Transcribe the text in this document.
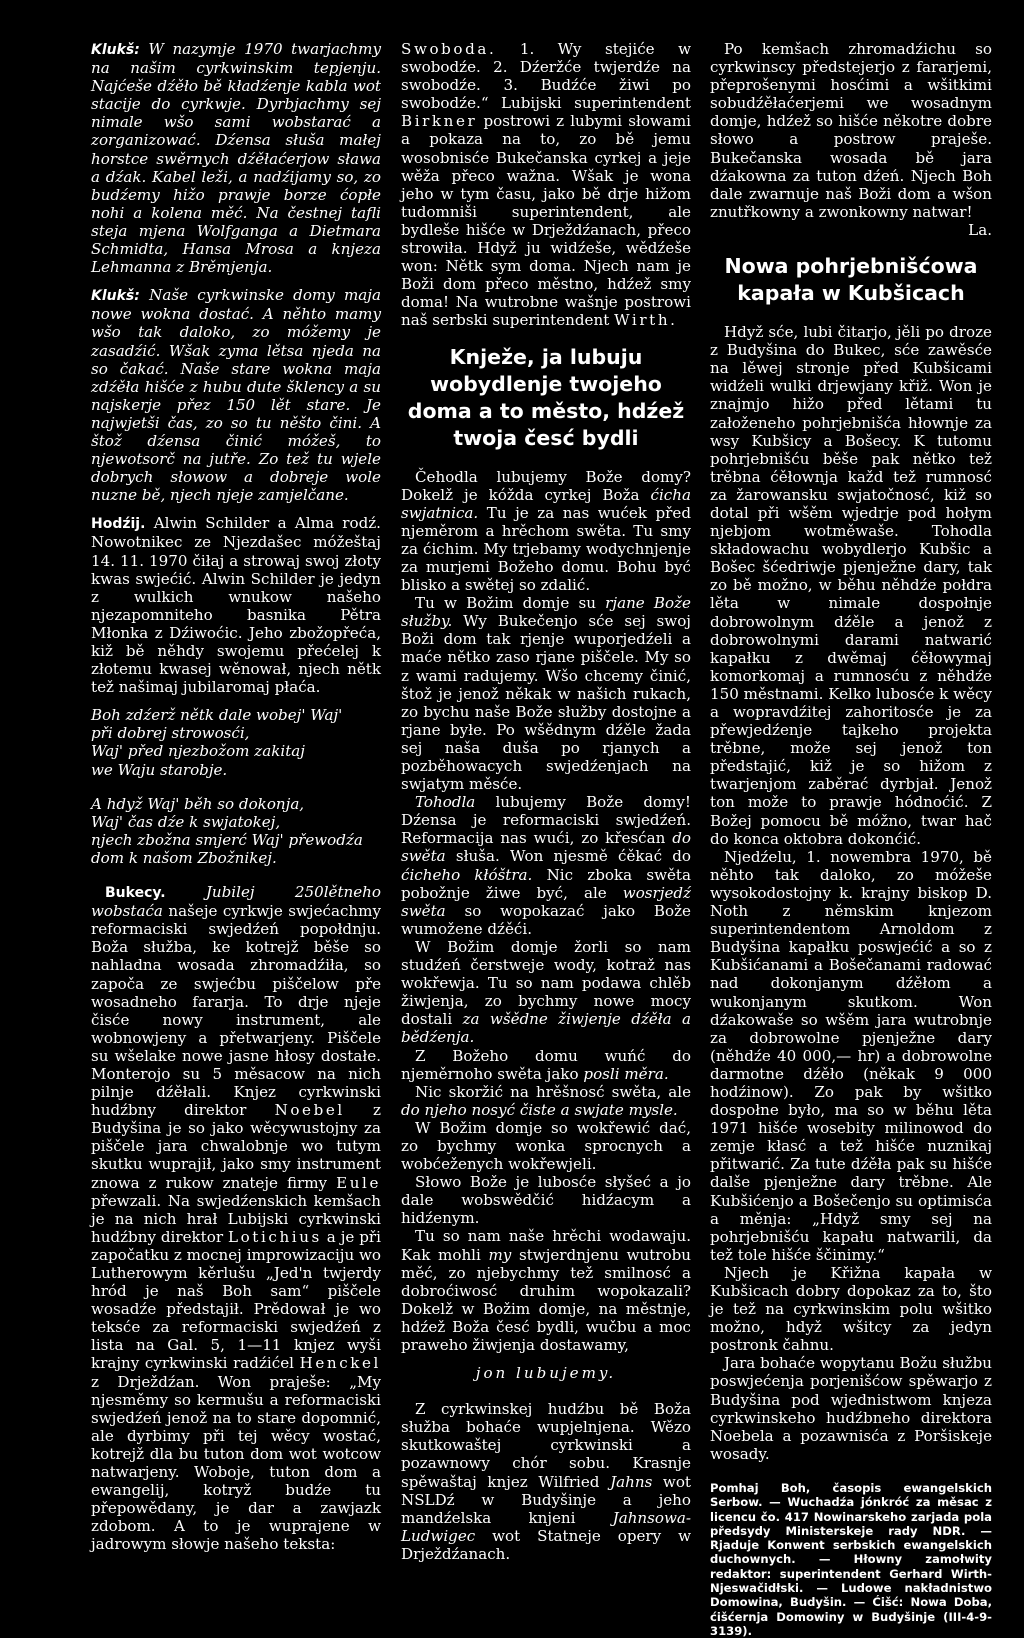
Klukš: W nazymje 1970 twarjachmy na našim cyrkwinskim tepjenju. Najćeše dźěło bě kładźenje kabla wot stacije do cyrkwje. Dyrbjachmy sej nimale wšo sami wobstarać a zorganizować. Dźensa słuša małej horstce swěrnych dźěłaćerjow sława a dźak. Kabel leži, a nadźijamy so, zo budźemy hižo prawje borze ćopłe nohi a kolena měć. Na čestnej tafli steja mjena Wolfganga a Dietmara Schmidta, Hansa Mrosa a knjeza Lehmanna z Brěmjenja.

Klukš: Naše cyrkwinske domy maja nowe wokna dostać. A něhto mamy wšo tak daloko, zo móžemy je zasadźić. Wšak zyma lětsa njeda na so čakać. Naše stare wokna maja zdźěła hišće z hubu dute šklency a su najskerje přez 150 lět stare. Je najwjetši čas, zo so tu něšto čini. A štož dźensa činić móžeš, to njewotsorč na jutře. Zo tež tu wjele dobrych słowow a dobreje wole nuzne bě, njech njeje zamjelčane.

Hodźij. Alwin Schilder a Alma rodź. Nowotnikec ze Njezdašec móžeštaj 14. 11. 1970 čiłaj a strowaj swoj złoty kwas swjećić. Alwin Schilder je jedyn z wulkich wnukow našeho njezapomniteho basnika Pětra Młonka z Dźiwoćic. Jeho zbožopřeća, kiž bě něhdy swojemu přećelej k złotemu kwasej wěnował, njech nětk tež našimaj jubilaromaj płaća.

Boh zdźerž nětk dale wobej' Waj'
při dobrej strowosći,
Waj' před njezbožom zakitaj
we Waju starobje.
A hdyž Waj' běh so dokonja,
Waj' čas dźe k swjatokej,
njech zbožna smjerć Waj' přewodźa
dom k našom Zbožnikej.

Bukecy.	Jubilej 250lětneho wobstaća našeje cyrkwje swjećachmy reformaciski swjedźeń popołdnju. Boža słužba, ke kotrejž běše so nahladna wosada zhromadźiła, so započa ze swjećbu piščelow pře wosadneho fararja. To drje njeje čisće nowy instrument, ale wobnowjeny a přetwarjeny. Piščele su wšelake nowe jasne hłosy dostałe. Monterojo su 5 měsacow na nich pilnje dźěłali. Knjez cyrkwinski hudźbny direktor Noebel z Budyšina je so jako wěcywustojny za piščele jara chwalobnje wo tutym skutku wuprajił, jako smy instrument znowa z rukow znateje firmy Eule přewzali. Na swjedźenskich kemšach je na nich hrał Lubijski cyrkwinski hudźbny direktor Lotichius a je při započatku z mocnej improwizaciju wo Lutherowym kěrlušu „Jed'n twjerdy hród je naš Boh sam“ piščele wosadźe předstajił. Prědował je wo teksće za reformaciski swjedźeń z lista na Gal. 5, 1—11 knjez wyši krajny cyrkwinski radźićel Henckel z Drježdźan. Won praješe: „My njesměmy so kermušu a reformaciski swjedźeń jenož na to stare dopomnić, ale dyrbimy při tej wěcy wostać, kotrejž dla bu tuton dom wot wotcow natwarjeny. Woboje, tuton dom a ewangelij, kotryž budźe tu přepowědany, je dar a zawjazk zdobom. A to je wuprajene w jadrowym słowje našeho teksta:

Swoboda. 1. Wy stejiće w swobodźe. 2. Dźeržće twjerdźe na swobodźe. 3. Budźće žiwi po swobodźe.“ Lubijski superintendent Birkner postrowi z lubymi słowami a pokaza na to, zo bě jemu wosobnisće Bukečanska cyrkej a jeje wěža přeco wažna. Wšak je wona jeho w tym času, jako bě drje hižom tudomniši superintendent, ale bydleše hišće w Drježdźanach, přeco strowiła. Hdyž ju widźeše, wědźeše won: Nětk sym doma. Njech nam je Boži dom přeco městno, hdźež smy doma! Na wutrobne wašnje postrowi naš serbski superintendent Wirth.

Knježe, ja lubuju wobydlenje twojeho doma a to město, hdźež twoja česć bydli

Čehodla lubujemy Bože domy? Dokelž je kóžda cyrkej Boža ćicha swjatnica. Tu je za nas wućek před njeměrom a hrěchom swěta. Tu smy za ćichim. My trjebamy wodychnjenje za murjemi Božeho domu. Bohu być blisko a swětej so zdalić.

Tu w Božim domje su rjane Bože słužby. Wy Bukečenjo sće sej swoj Boži dom tak rjenje wuporjedźeli a maće nětko zaso rjane piščele. My so z wami radujemy. Wšo chcemy činić, štož je jenož někak w našich rukach, zo bychu naše Bože słužby dostojne a rjane byłe. Po wšědnym dźěle žada sej naša duša po rjanych a pozběhowacych swjedźenjach na swjatym měsće.

Tohodla lubujemy Bože domy! Dźensa je reformaciski swjedźeń. Reformacija nas wući, zo křesćan do swěta słuša. Won njesmě ćěkać do ćicheho kłóštra. Nic zboka swěta pobožnje žiwe być, ale wosrjedź swěta so wopokazać jako Bože wumožene dźěći.

W Božim domje žorli so nam studźeń čerstweje wody, kotraž nas wokřewja. Tu so nam podawa chlěb žiwjenja, zo bychmy nowe mocy dostali za wšědne žiwjenje dźěła a bědźenja.

Z Božeho domu wuńć do njeměrnoho swěta jako posli měra.

Nic skoržić na hrěšnosć swěta, ale do njeho nosyć čiste a swjate mysle.

W Božim domje so wokřewić dać, zo bychmy wonka sprocnych a wobćeženych wokřewjeli.

Słowo Bože je lubosće słyšeć a jo dale wobswědčić hidźacym a hidźenym.

Tu so nam naše hrěchi wodawaju. Kak mohli my stwjerdnjenu wutrobu měć, zo njebychmy tež smilnosć a dobroćiwosć druhim wopokazali? Dokelž w Božim domje, na městnje, hdźež Boža česć bydli, wučbu a moc praweho žiwjenja dostawamy,

jon lubujemy.

Z cyrkwinskej hudźbu bě Boža słužba bohaće wupjelnjena. Wězo skutkowaštej cyrkwinski a pozawnowy chór sobu. Krasnje spěwaštaj knjez Wilfried Jahns wot NSLDź w Budyšinje a jeho mandźelska knjeni Jahnsowa-Ludwigec wot Statneje opery w Drježdźanach.

Po kemšach zhromadźichu so cyrkwinscy předstejerjo z fararjemi, přeprošenymi hosćimi a wšitkimi sobudźěłaćerjemi we wosadnym domje, hdźež so hišće někotre dobre słowo a postrow praješe. Bukečanska wosada bě jara dźakowna za tuton dźeń. Njech Boh dale zwarnuje naš Boži dom a wšon znutřkowny a zwonkowny natwar!

La.
Nowa pohrjebnišćowa kapała w Kubšicach

Hdyž sće, lubi čitarjo, jěli po droze z Budyšina do Bukec, sće zawěsće na lěwej stronje před Kubšicami widźeli wulki drjewjany křiž. Won je znajmjo hižo před lětami tu załoženeho pohrjebnišća hłownje za wsy Kubšicy a Bošecy. K tutomu pohrjebnišću běše pak nětko tež trěbna ćěłownja každ tež rumnosć za žarowansku swjatočnosć, kiž so dotal při wšěm wjedrje pod hołym njebjom wotměwaše. Tohodla składowachu wobydlerjo Kubšic a Bošec šćedriwje pjenježne dary, tak zo bě možno, w běhu něhdźe połdra lěta w nimale dospołnje dobrowolnym dźěle a jenož z dobrowolnymi darami natwarić kapałku z dwěmaj ćěłowymaj komorkomaj a rumnosću z něhdźe 150 městnami. Kelko lubosće k wěcy a wopravdźitej zahoritosće je za přewjedźenje tajkeho projekta trěbne, može sej jenož ton předstajić, kiž je so hižom z twarjenjom zaběrać dyrbjał. Jenož ton može to prawje hódnoćić. Z Božej pomocu bě móžno, twar hač do konca oktobra dokonćić.

Njedźelu, 1. nowembra 1970, bě něhto tak daloko, zo móžeše wysokodostojny k. krajny biskop D. Noth z němskim knjezom superintendentom Arnoldom z Budyšina kapałku poswjećić a so z Kubšićanami a Bošečanami radować nad dokonjanym dźěłom a wukonjanym skutkom. Won dźakowaše so wšěm jara wutrobnje za dobrowolne pjenježne dary (něhdźe 40 000,— hr) a dobrowolne darmotne dźěło (někak 9 000 hodźinow). Zo pak by wšitko dospołne było, ma so w běhu lěta 1971 hišće wosebity milinowod do zemje kłasć a tež hišće nuznikaj přitwarić. Za tute dźěła pak su hišće dalše pjenježne dary trěbne. Ale Kubšićenjo a Bošečenjo su optimisća a měnja: „Hdyž smy sej na pohrjebnišću kapału natwarili, da tež tole hišće ščinimy.“

Njech je Křižna kapała w Kubšicach dobry dopokaz za to, što je tež na cyrkwinskim polu wšitko možno, hdyž wšitcy za jedyn postronk čahnu.

Jara bohaće wopytanu Božu słužbu poswjećenja porjenišćow spěwarjo z Budyšina pod wjednistwom knjeza cyrkwinskeho hudźbneho direktora Noebela a pozawnisća z Poršiskeje wosady.

Pomhaj Boh, časopis ewangelskich Serbow. — Wuchadźa jónkróć za měsac z licencu čo. 417 Nowinarskeho zarjada pola předsydy Ministerskeje rady NDR. — Rjaduje Konwent serbskich ewangelskich duchownych. — Hłowny zamołwity redaktor: superintendent Gerhard Wirth-Njeswačidłski. — Ludowe nakładnistwo Domowina, Budyšin. — Ćišć: Nowa Doba, ćišćernja Domowiny w Budyšinje (III-4-9-3139).
